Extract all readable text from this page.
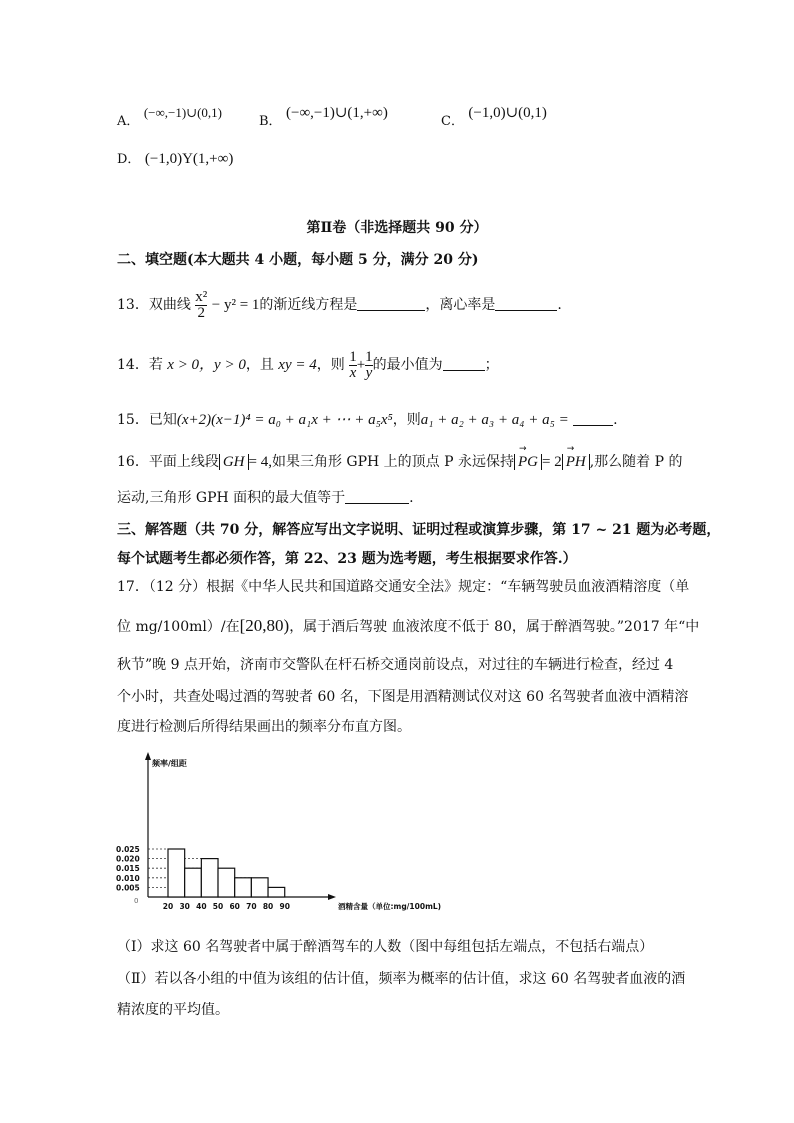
A． (−∞,−1)∪(0,1)
B． (−∞,−1)∪(1,+∞)
C． (−1,0)∪(0,1)
D． (−1,0)Y(1,+∞)
第Ⅱ卷（非选择题共 90 分）
二、填空题(本大题共 4 小题，每小题 5 分，满分 20 分)
13．双曲线 $\frac{\text{x²}}{2} - y^2 = 1$的渐近线方程是	，离心率是	.
14．若 x > 0，y > 0，且 xy = 4，则 $\frac{1}{x} + \frac{1}{y}$ 的最小值为	；
15．已知(x+2)(x−1)⁴ = a₀ + a₁x + ⋯ + a₅x⁵，则a₁ + a₂ + a₃ + a₄ + a₅ =	.
16．平面上线段 GH = 4,如果三角形 GPH 上的顶点 P 永远保持 → PG = 2 → PH ,那么随着 P 的
运动,三角形 GPH 面积的最大值等于	.
三、解答题（共 70 分，解答应写出文字说明、证明过程或演算步骤，第 17 ~ 21 题为必考题，
每个试题考生都必须作答，第 22、23 题为选考题，考生根据要求作答.）
17．（12 分）根据《中华人民共和国道路交通安全法》规定：“车辆驾驶员血液酒精溶度（单
位 mg/100ml）/在[20,80)，属于酒后驾驶 血液浓度不低于 80，属于醉酒驾驶。”2017 年“中
秋节”晚 9 点开始，济南市交警队在杆石桥交通岗前设点，对过往的车辆进行检查，经过 4
个小时，共查处喝过酒的驾驶者 60 名，下图是用酒精测试仪对这 60 名驾驶者血液中酒精溶
度进行检测后所得结果画出的频率分布直方图。
频率/组距
酒精含量（单位:mg/100mL)
0
0.025
0.020
0.015
0.010
0.005
20 30 40 50 60 70 80 90
（Ⅰ）求这 60 名驾驶者中属于醉酒驾车的人数（图中每组包括左端点，不包括右端点）
（Ⅱ）若以各小组的中值为该组的估计值，频率为概率的估计值，求这 60 名驾驶者血液的酒
精浓度的平均值。
